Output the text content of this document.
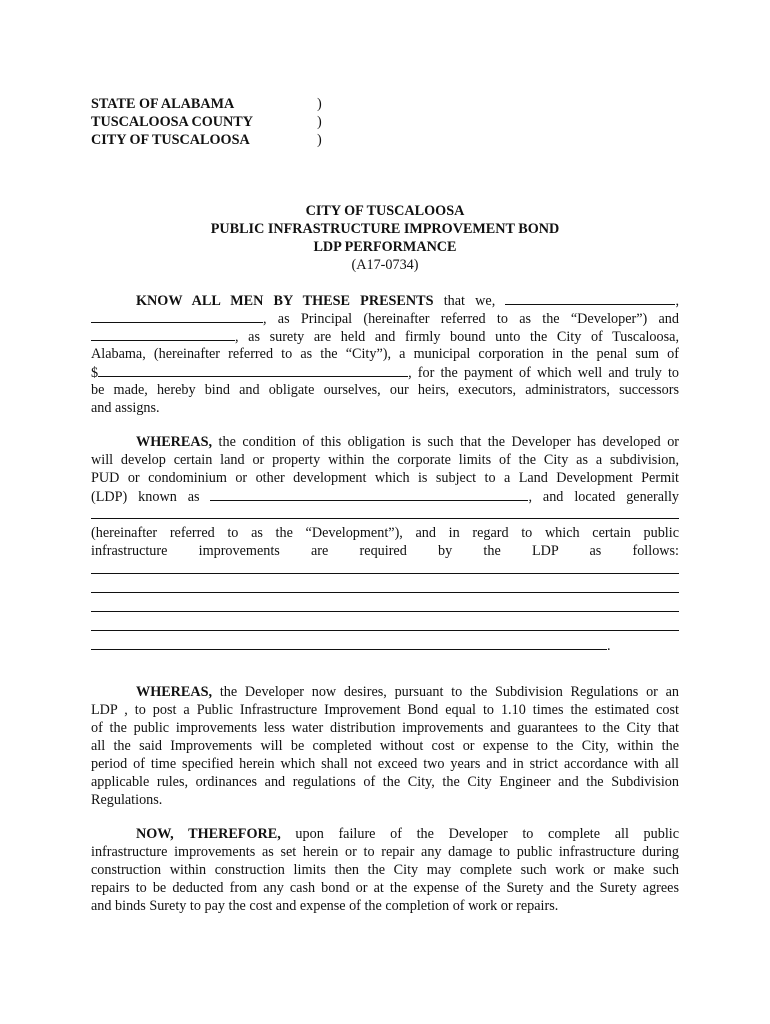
STATE OF ALABAMA	)
TUSCALOOSA COUNTY	)
CITY OF TUSCALOOSA	)
CITY OF TUSCALOOSA
PUBLIC INFRASTRUCTURE IMPROVEMENT BOND
LDP PERFORMANCE
(A17-0734)
KNOW ALL MEN BY THESE PRESENTS that we,	,
, as Principal (hereinafter referred to as the “Developer”) and
, as surety are held and firmly bound unto the City of Tuscaloosa,
Alabama, (hereinafter referred to as the “City”), a municipal corporation in the penal sum of
$	, for the payment of which well and truly to
be made, hereby bind and obligate ourselves, our heirs, executors, administrators, successors
and assigns.
WHEREAS, the condition of this obligation is such that the Developer has developed or
will develop certain land or property within the corporate limits of the City as a subdivision,
PUD or condominium or other development which is subject to a Land Development Permit
(LDP) known as	, and located generally
(hereinafter referred to as the “Development”), and in regard to which certain public
infrastructure improvements are required by the LDP as follows:
.
WHEREAS, the Developer now desires, pursuant to the Subdivision Regulations or an
LDP , to post a Public Infrastructure Improvement Bond equal to 1.10 times the estimated cost
of the public improvements less water distribution improvements and guarantees to the City that
all the said Improvements will be completed without cost or expense to the City, within the
period of time specified herein which shall not exceed two years and in strict accordance with all
applicable rules, ordinances and regulations of the City, the City Engineer and the Subdivision
Regulations.
NOW, THEREFORE, upon failure of the Developer to complete all public
infrastructure improvements as set herein or to repair any damage to public infrastructure during
construction within construction limits then the City may complete such work or make such
repairs to be deducted from any cash bond or at the expense of the Surety and the Surety agrees
and binds Surety to pay the cost and expense of the completion of work or repairs.
